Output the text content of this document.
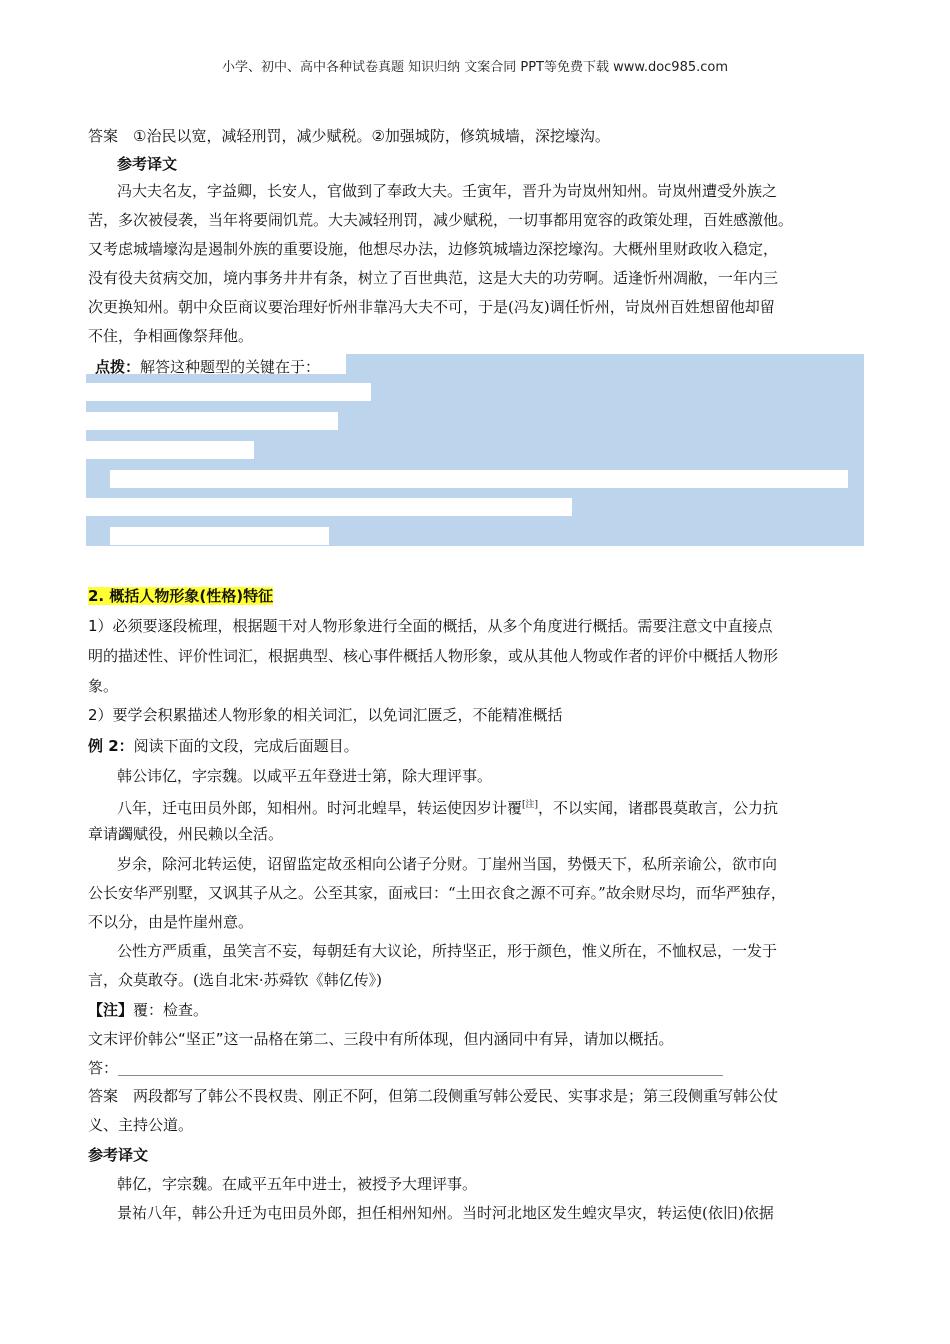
小学、初中、高中各种试卷真题 知识归纳 文案合同 PPT等免费下载 www.doc985.com
答案　①治民以宽，减轻刑罚，减少赋税。②加强城防，修筑城墙，深挖壕沟。
参考译文
冯大夫名友，字益卿，长安人，官做到了奉政大夫。壬寅年，晋升为岢岚州知州。岢岚州遭受外族之
苦，多次被侵袭，当年将要闹饥荒。大夫减轻刑罚，减少赋税，一切事都用宽容的政策处理，百姓感激他。
又考虑城墙壕沟是遏制外族的重要设施，他想尽办法，边修筑城墙边深挖壕沟。大概州里财政收入稳定，
没有役夫贫病交加，境内事务井井有条，树立了百世典范，这是大夫的功劳啊。适逢忻州凋敝，一年内三
次更换知州。朝中众臣商议要治理好忻州非靠冯大夫不可，于是(冯友)调任忻州，岢岚州百姓想留他却留
不住，争相画像祭拜他。
点拨：解答这种题型的关键在于：
2. 概括人物形象(性格)特征
1）必须要逐段梳理，根据题干对人物形象进行全面的概括，从多个角度进行概括。需要注意文中直接点
明的描述性、评价性词汇，根据典型、核心事件概括人物形象，或从其他人物或作者的评价中概括人物形
象。
2）要学会积累描述人物形象的相关词汇，以免词汇匮乏，不能精准概括
例 2：阅读下面的文段，完成后面题目。
韩公讳亿，字宗魏。以咸平五年登进士第，除大理评事。
八年，迁屯田员外郎，知相州。时河北蝗旱，转运使因岁计覆[注]，不以实闻，诸郡畏莫敢言，公力抗
章请蠲赋役，州民赖以全活。
岁余，除河北转运使，诏留监定故丞相向公诸子分财。丁崖州当国，势慑天下，私所亲谕公，欲市向
公长安华严别墅，又讽其子从之。公至其家，面戒曰：“土田衣食之源不可弃。”故余财尽均，而华严独存，
不以分，由是忤崖州意。
公性方严质重，虽笑言不妄，每朝廷有大议论，所持坚正，形于颜色，惟义所在，不恤权忌，一发于
言，众莫敢夺。(选自北宋·苏舜钦《韩亿传》)
【注】覆：检查。
文末评价韩公“坚正”这一品格在第二、三段中有所体现，但内涵同中有异，请加以概括。
答：
答案　两段都写了韩公不畏权贵、刚正不阿，但第二段侧重写韩公爱民、实事求是；第三段侧重写韩公仗
义、主持公道。
参考译文
韩亿，字宗魏。在咸平五年中进士，被授予大理评事。
景祐八年，韩公升迁为屯田员外郎，担任相州知州。当时河北地区发生蝗灾旱灾，转运使(依旧)依据
